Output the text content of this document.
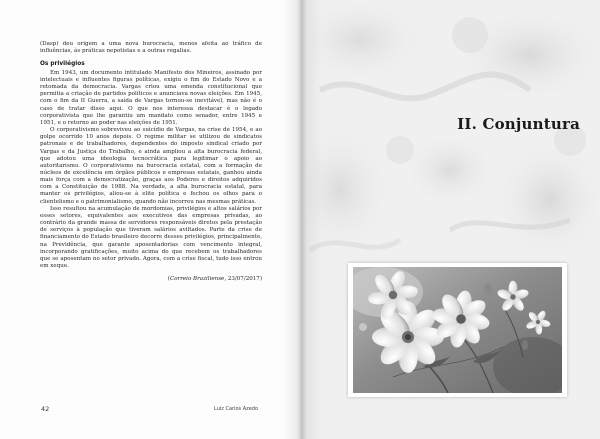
(Dasp) deu origem a uma nova burocracia, menos afeita ao tráfico de influências, às práticas nepotistas e a outras regalias.

Os privilégios

Em 1943, um documento intitulado Manifesto dos Mineiros, assinado por intelectuais e influentes figuras políticas, exigiu o fim do Estado Novo e a retomada da democracia. Vargas criou uma emenda constitucional que permitia a criação de partidos políticos e anunciava novas eleições. Em 1945, com o fim da II Guerra, a saída de Vargas tornou-se inevitável, mas não é o caso de tratar disso aqui. O que nos interessa destacar é o legado corporativista que lhe garantiu um mandato como senador, entre 1945 e 1951, e o retorno ao poder nas eleições de 1951.

O corporativismo sobreviveu ao suicídio de Vargas, na crise de 1954, e ao golpe ocorrido 10 anos depois. O regime militar se utilizou de sindicatos patronais e de trabalhadores, dependentes do imposto sindical criado por Vargas e da Justiça do Trabalho, e ainda ampliou a alta burocracia federal, que adotou uma ideologia tecnocrática para legitimar o apoio ao autoritarismo. O corporativismo na burocracia estatal, com a formação de núcleos de excelência em órgãos públicos e empresas estatais, ganhou ainda mais força com a democratização, graças aos Poderes e direitos adquiridos com a Constituição de 1988. Na verdade, a alta burocracia estatal, para manter os privilégios, aliou-se à elite política e fechou os olhos para o clientelismo e o patrimonialismo, quando não incorreu nas mesmas práticas.

Isso resultou na acumulação de mordomias, privilégios e altos salários por esses setores, equivalentes aos executivos das empresas privadas, ao contrário da grande massa de servidores responsáveis diretos pela prestação de serviços à população que tiveram salários aviltados. Parte da crise de financiamento do Estado brasileiro decorre desses privilégios, principalmente, na Previdência, que garante aposentadorias com vencimento integral, incorporando gratificações, muito acima do que recebem os trabalhadores que se aposentam no setor privado. Agora, com a crise fiscal, tudo isso entrou em xeque.

(Correio Braziliense, 23/07/2017)

42	Luiz Carlos Azedo
II. Conjuntura
